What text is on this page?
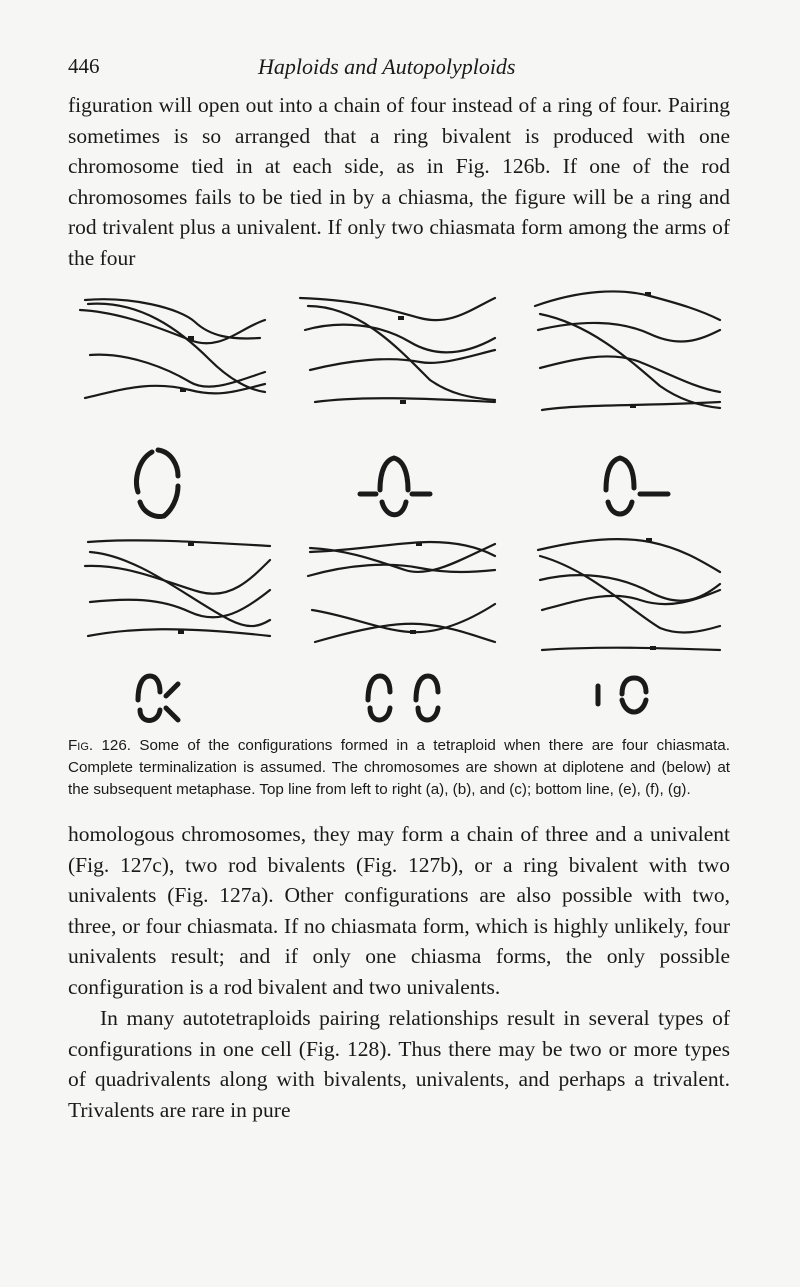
446	Haploids and Autopolyploids

figuration will open out into a chain of four instead of a ring of four. Pairing sometimes is so arranged that a ring bivalent is produced with one chromosome tied in at each side, as in Fig. 126b. If one of the rod chromosomes fails to be tied in by a chiasma, the figure will be a ring and rod trivalent plus a univalent. If only two chiasmata form among the arms of the four

Fig. 126. Some of the configurations formed in a tetraploid when there are four chiasmata. Complete terminalization is assumed. The chromosomes are shown at diplotene and (below) at the subsequent metaphase. Top line from left to right (a), (b), and (c); bottom line, (e), (f), (g).

homologous chromosomes, they may form a chain of three and a univalent (Fig. 127c), two rod bivalents (Fig. 127b), or a ring bivalent with two univalents (Fig. 127a). Other configurations are also possible with two, three, or four chiasmata. If no chiasmata form, which is highly unlikely, four univalents result; and if only one chiasma forms, the only possible configuration is a rod bivalent and two univalents.

In many autotetraploids pairing relationships result in several types of configurations in one cell (Fig. 128). Thus there may be two or more types of quadrivalents along with bivalents, univalents, and perhaps a trivalent. Trivalents are rare in pure
